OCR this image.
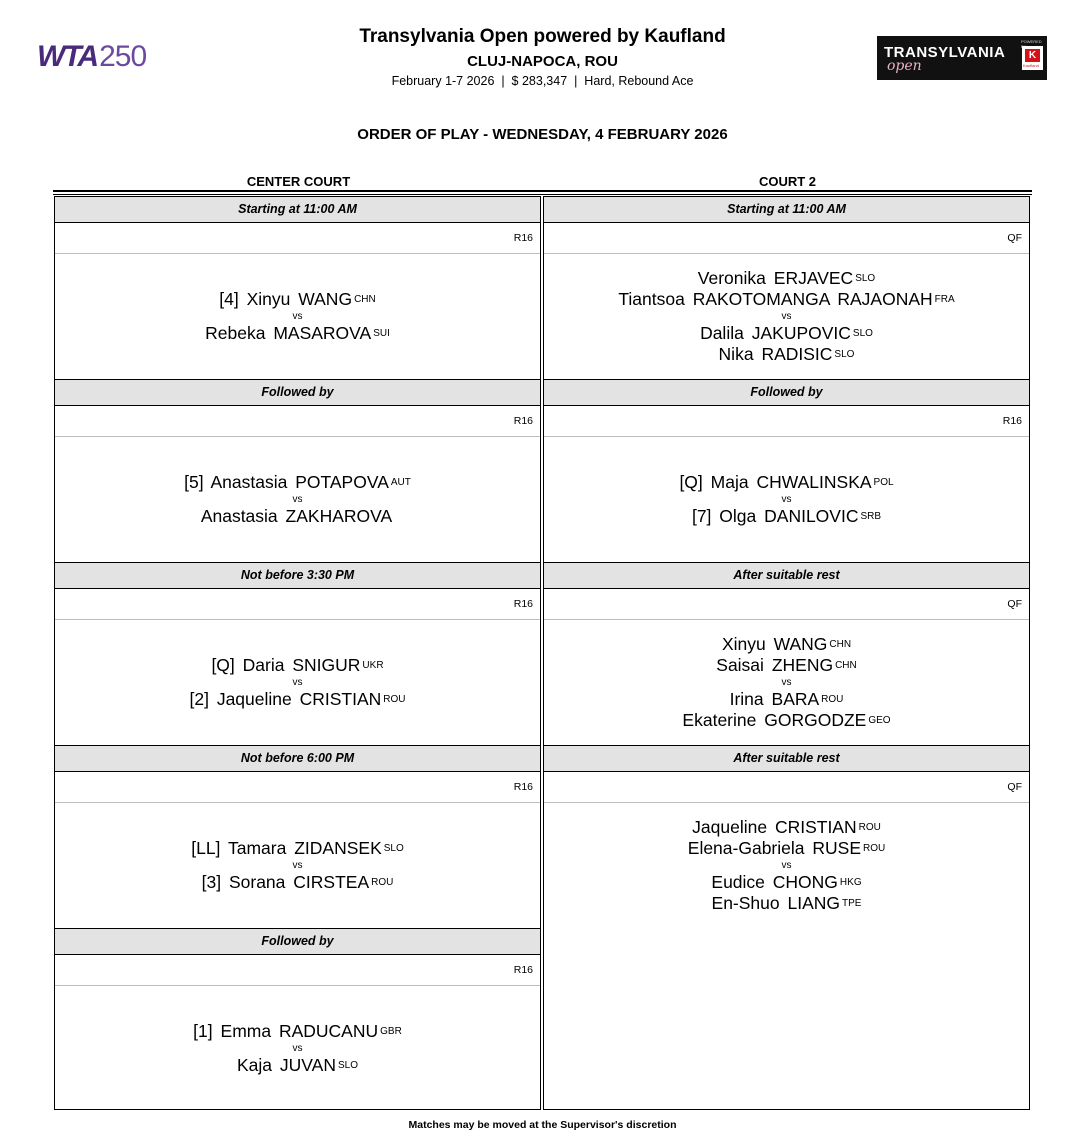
WTA250	TRANSYLVANIA
open
POWERED
K
Kaufland
Transylvania Open powered by Kaufland
CLUJ-NAPOCA, ROU
February 1-7 2026  |  $ 283,347  |  Hard, Rebound Ace
ORDER OF PLAY - WEDNESDAY, 4 FEBRUARY 2026
CENTER COURT	COURT 2
Starting at 11:00 AM
R16
[4] Xinyu WANG CHN
vs
Rebeka MASAROVA SUI
Followed by
R16
[5] Anastasia POTAPOVA AUT
vs
Anastasia ZAKHAROVA
Not before 3:30 PM
R16
[Q] Daria SNIGUR UKR
vs
[2] Jaqueline CRISTIAN ROU
Not before 6:00 PM
R16
[LL] Tamara ZIDANSEK SLO
vs
[3] Sorana CIRSTEA ROU
Followed by
R16
[1] Emma RADUCANU GBR
vs
Kaja JUVAN SLO
Starting at 11:00 AM
QF
Veronika ERJAVEC SLO
Tiantsoa RAKOTOMANGA RAJAONAH FRA
vs
Dalila JAKUPOVIC SLO
Nika RADISIC SLO
Followed by
R16
[Q] Maja CHWALINSKA POL
vs
[7] Olga DANILOVIC SRB
After suitable rest
QF
Xinyu WANG CHN
Saisai ZHENG CHN
vs
Irina BARA ROU
Ekaterine GORGODZE GEO
After suitable rest
QF
Jaqueline CRISTIAN ROU
Elena-Gabriela RUSE ROU
vs
Eudice CHONG HKG
En-Shuo LIANG TPE
Matches may be moved at the Supervisor's discretion
